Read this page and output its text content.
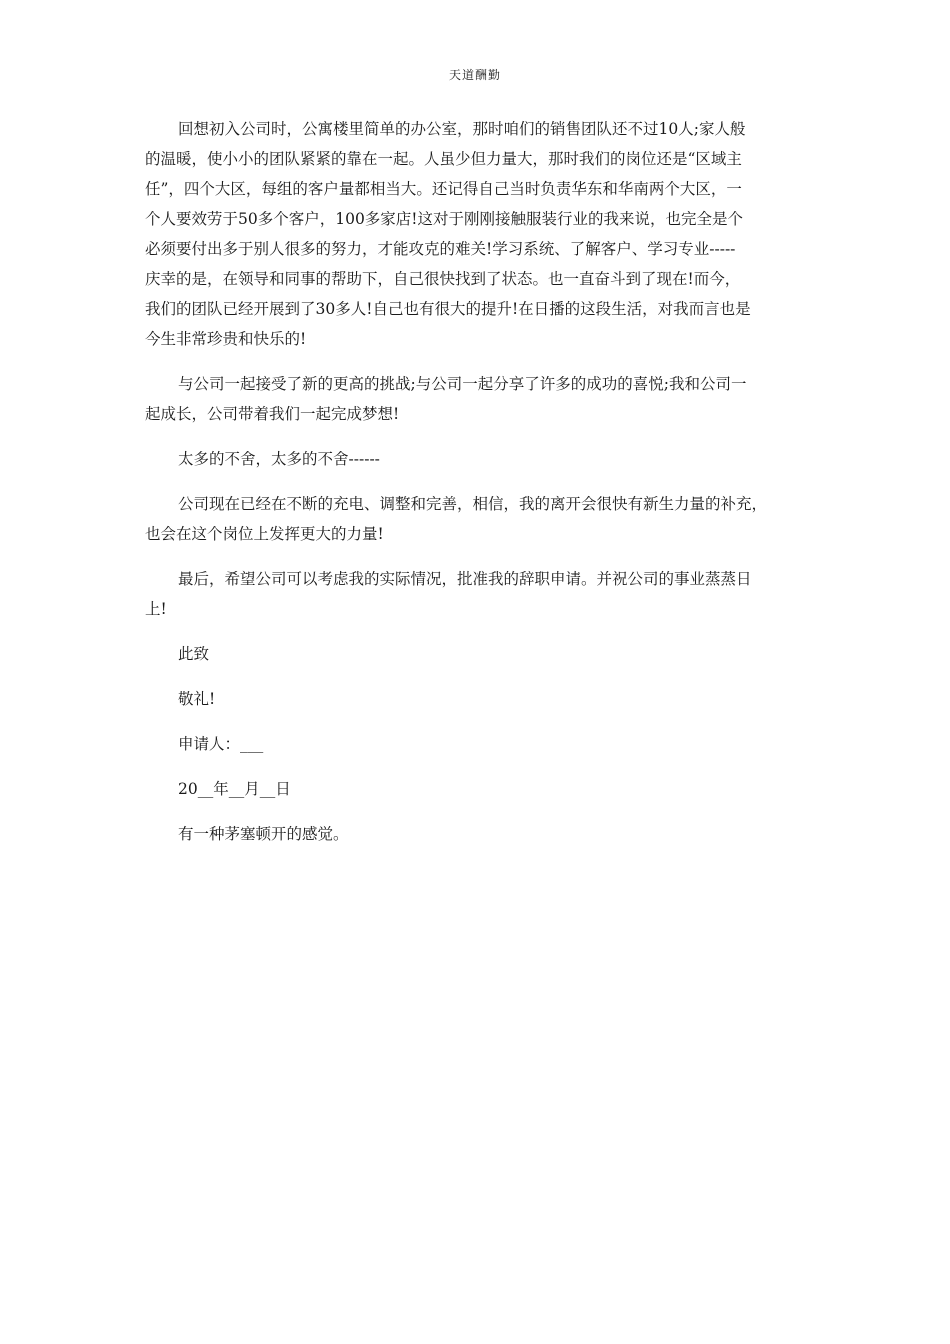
天道酬勤
回想初入公司时，公寓楼里简单的办公室，那时咱们的销售团队还不过10人;家人般
的温暖，使小小的团队紧紧的靠在一起。人虽少但力量大，那时我们的岗位还是“区域主
任”，四个大区，每组的客户量都相当大。还记得自己当时负责华东和华南两个大区，一
个人要效劳于50多个客户，100多家店!这对于刚刚接触服装行业的我来说，也完全是个
必须要付出多于别人很多的努力，才能攻克的难关!学习系统、了解客户、学习专业-----
庆幸的是，在领导和同事的帮助下，自己很快找到了状态。也一直奋斗到了现在!而今，
我们的团队已经开展到了30多人!自己也有很大的提升!在日播的这段生活，对我而言也是
今生非常珍贵和快乐的!
与公司一起接受了新的更高的挑战;与公司一起分享了许多的成功的喜悦;我和公司一
起成长，公司带着我们一起完成梦想!
太多的不舍，太多的不舍------
公司现在已经在不断的充电、调整和完善，相信，我的离开会很快有新生力量的补充，
也会在这个岗位上发挥更大的力量!
最后，希望公司可以考虑我的实际情况，批准我的辞职申请。并祝公司的事业蒸蒸日
上!
此致
敬礼!
申请人：___
20__年__月__日
有一种茅塞顿开的感觉。
